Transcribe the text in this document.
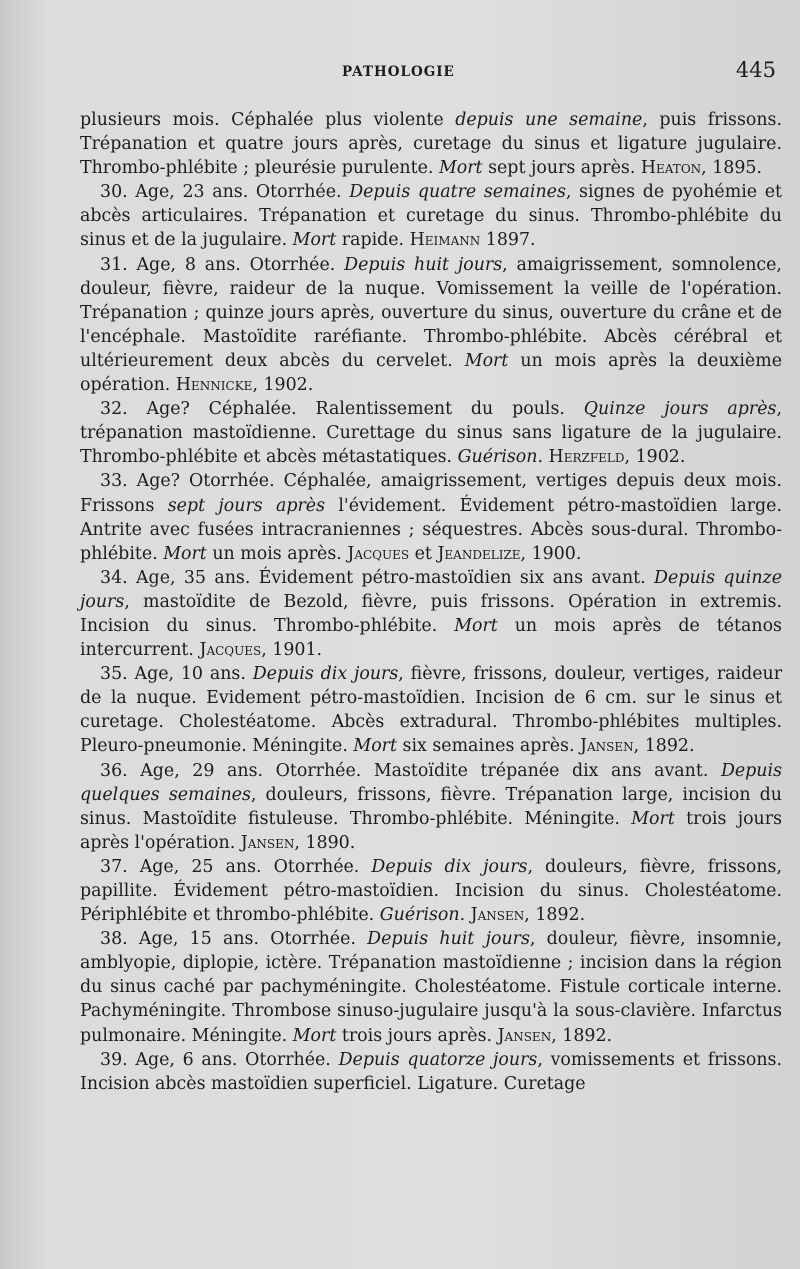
PATHOLOGIE	445

plusieurs mois. Céphalée plus violente depuis une semaine, puis frissons. Trépanation et quatre jours après, curetage du sinus et ligature jugulaire. Thrombo-phlébite ; pleurésie purulente. Mort sept jours après. Heaton, 1895.

30. Age, 23 ans. Otorrhée. Depuis quatre semaines, signes de pyohémie et abcès articulaires. Trépanation et curetage du sinus. Thrombo-phlébite du sinus et de la jugulaire. Mort rapide. Heimann 1897.

31. Age, 8 ans. Otorrhée. Depuis huit jours, amaigrissement, somnolence, douleur, fièvre, raideur de la nuque. Vomissement la veille de l'opération. Trépanation ; quinze jours après, ouverture du sinus, ouverture du crâne et de l'encéphale. Mastoïdite raréfiante. Thrombo-phlébite. Abcès cérébral et ultérieurement deux abcès du cervelet. Mort un mois après la deuxième opération. Hennicke, 1902.

32. Age? Céphalée. Ralentissement du pouls. Quinze jours après, trépanation mastoïdienne. Curettage du sinus sans ligature de la jugulaire. Thrombo-phlébite et abcès métastatiques. Guérison. Herzfeld, 1902.

33. Age? Otorrhée. Céphalée, amaigrissement, vertiges depuis deux mois. Frissons sept jours après l'évidement. Évidement pétro-mastoïdien large. Antrite avec fusées intracraniennes ; séquestres. Abcès sous-dural. Thrombo-phlébite. Mort un mois après. Jacques et Jeandelize, 1900.

34. Age, 35 ans. Évidement pétro-mastoïdien six ans avant. Depuis quinze jours, mastoïdite de Bezold, fièvre, puis frissons. Opération in extremis. Incision du sinus. Thrombo-phlébite. Mort un mois après de tétanos intercurrent. Jacques, 1901.

35. Age, 10 ans. Depuis dix jours, fièvre, frissons, douleur, vertiges, raideur de la nuque. Evidement pétro-mastoïdien. Incision de 6 cm. sur le sinus et curetage. Cholestéatome. Abcès extradural. Thrombo-phlébites multiples. Pleuro-pneumonie. Méningite. Mort six semaines après. Jansen, 1892.

36. Age, 29 ans. Otorrhée. Mastoïdite trépanée dix ans avant. Depuis quelques semaines, douleurs, frissons, fièvre. Trépanation large, incision du sinus. Mastoïdite fistuleuse. Thrombo-phlébite. Méningite. Mort trois jours après l'opération. Jansen, 1890.

37. Age, 25 ans. Otorrhée. Depuis dix jours, douleurs, fièvre, frissons, papillite. Évidement pétro-mastoïdien. Incision du sinus. Cholestéatome. Périphlébite et thrombo-phlébite. Guérison. Jansen, 1892.

38. Age, 15 ans. Otorrhée. Depuis huit jours, douleur, fièvre, insomnie, amblyopie, diplopie, ictère. Trépanation mastoïdienne ; incision dans la région du sinus caché par pachyméningite. Cholestéatome. Fistule corticale interne. Pachyméningite. Thrombose sinuso-jugulaire jusqu'à la sous-clavière. Infarctus pulmonaire. Méningite. Mort trois jours après. Jansen, 1892.

39. Age, 6 ans. Otorrhée. Depuis quatorze jours, vomissements et frissons. Incision abcès mastoïdien superficiel. Ligature. Curetage
